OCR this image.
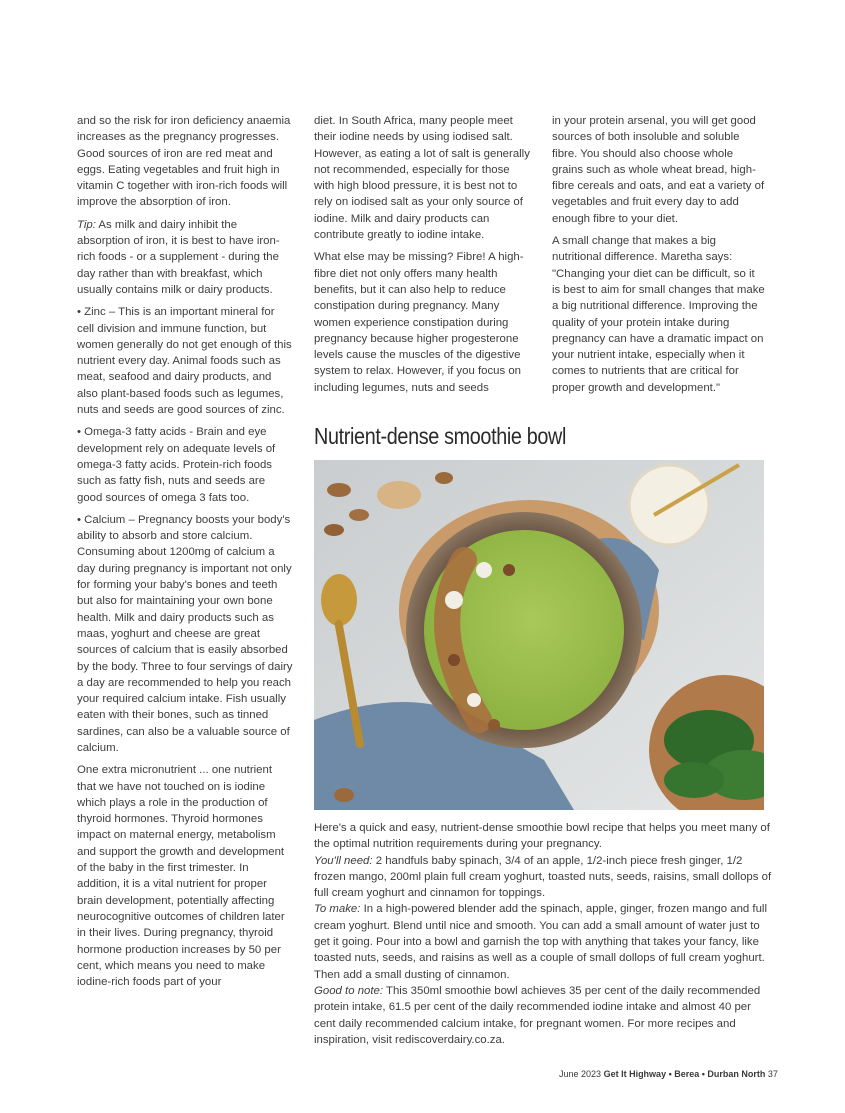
and so the risk for iron deficiency anaemia increases as the pregnancy progresses. Good sources of iron are red meat and eggs. Eating vegetables and fruit high in vitamin C together with iron-rich foods will improve the absorption of iron.

Tip: As milk and dairy inhibit the absorption of iron, it is best to have iron-rich foods - or a supplement - during the day rather than with breakfast, which usually contains milk or dairy products.

• Zinc – This is an important mineral for cell division and immune function, but women generally do not get enough of this nutrient every day. Animal foods such as meat, seafood and dairy products, and also plant-based foods such as legumes, nuts and seeds are good sources of zinc.

• Omega-3 fatty acids - Brain and eye development rely on adequate levels of omega-3 fatty acids. Protein-rich foods such as fatty fish, nuts and seeds are good sources of omega 3 fats too.

• Calcium – Pregnancy boosts your body's ability to absorb and store calcium. Consuming about 1200mg of calcium a day during pregnancy is important not only for forming your baby's bones and teeth but also for maintaining your own bone health. Milk and dairy products such as maas, yoghurt and cheese are great sources of calcium that is easily absorbed by the body. Three to four servings of dairy a day are recommended to help you reach your required calcium intake. Fish usually eaten with their bones, such as tinned sardines, can also be a valuable source of calcium.

One extra micronutrient ... one nutrient that we have not touched on is iodine which plays a role in the production of thyroid hormones. Thyroid hormones impact on maternal energy, metabolism and support the growth and development of the baby in the first trimester. In addition, it is a vital nutrient for proper brain development, potentially affecting neurocognitive outcomes of children later in their lives. During pregnancy, thyroid hormone production increases by 50 per cent, which means you need to make iodine-rich foods part of your

diet. In South Africa, many people meet their iodine needs by using iodised salt. However, as eating a lot of salt is generally not recommended, especially for those with high blood pressure, it is best not to rely on iodised salt as your only source of iodine. Milk and dairy products can contribute greatly to iodine intake.

What else may be missing? Fibre! A high-fibre diet not only offers many health benefits, but it can also help to reduce constipation during pregnancy. Many women experience constipation during pregnancy because higher progesterone levels cause the muscles of the digestive system to relax. However, if you focus on including legumes, nuts and seeds

in your protein arsenal, you will get good sources of both insoluble and soluble fibre. You should also choose whole grains such as whole wheat bread, high-fibre cereals and oats, and eat a variety of vegetables and fruit every day to add enough fibre to your diet.

A small change that makes a big nutritional difference. Maretha says: "Changing your diet can be difficult, so it is best to aim for small changes that make a big nutritional difference. Improving the quality of your protein intake during pregnancy can have a dramatic impact on your nutrient intake, especially when it comes to nutrients that are critical for proper growth and development."

Nutrient-dense smoothie bowl

Here's a quick and easy, nutrient-dense smoothie bowl recipe that helps you meet many of the optimal nutrition requirements during your pregnancy.

You'll need: 2 handfuls baby spinach, 3/4 of an apple, 1/2-inch piece fresh ginger, 1/2 frozen mango, 200ml plain full cream yoghurt, toasted nuts, seeds, raisins, small dollops of full cream yoghurt and cinnamon for toppings.

To make: In a high-powered blender add the spinach, apple, ginger, frozen mango and full cream yoghurt. Blend until nice and smooth. You can add a small amount of water just to get it going. Pour into a bowl and garnish the top with anything that takes your fancy, like toasted nuts, seeds, and raisins as well as a couple of small dollops of full cream yoghurt. Then add a small dusting of cinnamon.

Good to note: This 350ml smoothie bowl achieves 35 per cent of the daily recommended protein intake, 61.5 per cent of the daily recommended iodine intake and almost 40 per cent daily recommended calcium intake, for pregnant women. For more recipes and inspiration, visit rediscoverdairy.co.za.

June 2023 Get It Highway • Berea • Durban North 37
